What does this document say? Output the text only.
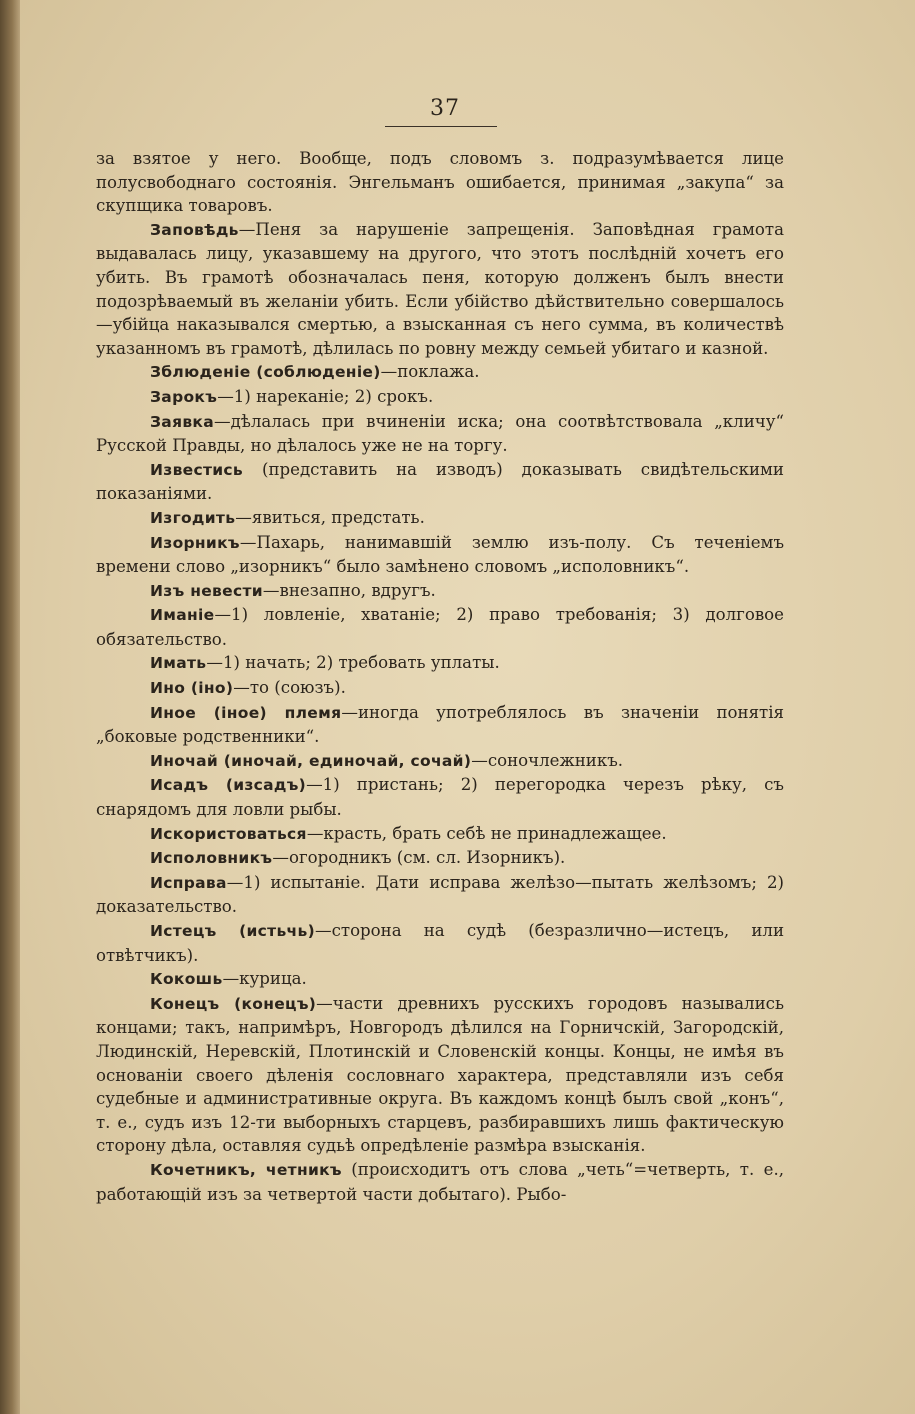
37

за взятое у него. Вообще, подъ словомъ з. подразумѣвается лице полусвободнаго состоянія. Энгельманъ ошибается, принимая „закупа“ за скупщика товаровъ.

Заповѣдь—Пеня за нарушеніе запрещенія. Заповѣдная грамота выдавалась лицу, указавшему на другого, что этотъ послѣдній хочетъ его убить. Въ грамотѣ обозначалась пеня, которую долженъ былъ внести подозрѣваемый въ желаніи убить. Если убійство дѣйствительно совершалось—убійца наказывался смертью, а взысканная съ него сумма, въ количествѣ указанномъ въ грамотѣ, дѣлилась по ровну между семьей убитаго и казной.

Зблюденіе (соблюденіе)—поклажа.

Зарокъ—1) нареканіе; 2) срокъ.

Заявка—дѣлалась при вчиненіи иска; она соотвѣтствовала „кличу“ Русской Правды, но дѣлалось уже не на торгу.

Известись (представить на изводъ) доказывать свидѣтельскими показаніями.

Изгодить—явиться, предстать.

Изорникъ—Пахарь, нанимавшій землю изъ-полу. Съ теченіемъ времени слово „изорникъ“ было замѣнено словомъ „исполовникъ“.

Изъ невести—внезапно, вдругъ.

Иманіе—1) ловленіе, хватаніе; 2) право требованія; 3) долговое обязательство.

Имать—1) начать; 2) требовать уплаты.

Ино (іно)—то (союзъ).

Иное (іное) племя—иногда употреблялось въ значеніи понятія „боковые родственники“.

Иночай (иночай, единочай, сочай)—соночлежникъ.

Исадъ (изсадъ)—1) пристань; 2) перегородка черезъ рѣку, съ снарядомъ для ловли рыбы.

Искористоваться—красть, брать себѣ не принадлежащее.

Исполовникъ—огородникъ (см. сл. Изорникъ).

Исправа—1) испытаніе. Дати исправа желѣзо—пытать желѣзомъ; 2) доказательство.

Истецъ (истьчь)—сторона на судѣ (безразлично—истецъ, или отвѣтчикъ).

Кокошь—курица.

Конецъ (конецъ)—части древнихъ русскихъ городовъ назывались концами; такъ, напримѣръ, Новгородъ дѣлился на Горничскій, Загородскій, Людинскій, Неревскій, Плотинскій и Словенскій концы. Концы, не имѣя въ основаніи своего дѣленія сословнаго характера, представляли изъ себя судебные и административные округа. Въ каждомъ концѣ былъ свой „конъ“, т. е., судъ изъ 12-ти выборныхъ старцевъ, разбиравшихъ лишь фактическую сторону дѣла, оставляя судьѣ опредѣленіе размѣра взысканія.

Кочетникъ, четникъ (происходитъ отъ слова „четь“=четверть, т. е., работающій изъ за четвертой части добытаго). Рыбо-
